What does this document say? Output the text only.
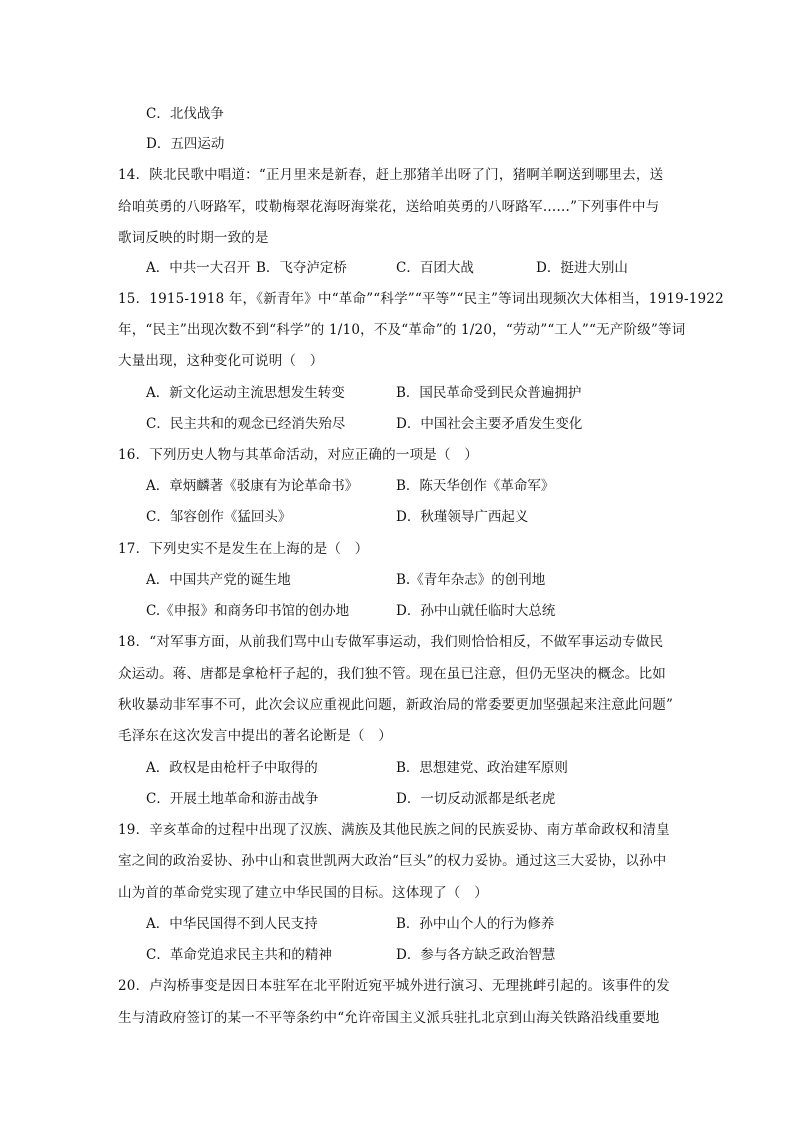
C．北伐战争
D．五四运动
14．陕北民歌中唱道：“正月里来是新春，赶上那猪羊出呀了门，猪啊羊啊送到哪里去，送
给咱英勇的八呀路军，哎勒梅翠花海呀海棠花，送给咱英勇的八呀路军……”下列事件中与
歌词反映的时期一致的是
A．中共一大召开 B．飞夺泸定桥	C．百团大战	D．挺进大别山
15．1915-1918 年，《新青年》中“革命”“科学”“平等”“民主”等词出现频次大体相当，1919-1922
年，“民主”出现次数不到“科学”的 1/10，不及“革命”的 1/20，“劳动”“工人”“无产阶级”等词
大量出现，这种变化可说明（　）
A．新文化运动主流思想发生转变	B．国民革命受到民众普遍拥护
C．民主共和的观念已经消失殆尽	D．中国社会主要矛盾发生变化
16．下列历史人物与其革命活动，对应正确的一项是（　）
A．章炳麟著《驳康有为论革命书》	B．陈天华创作《革命军》
C．邹容创作《猛回头》	D．秋瑾领导广西起义
17．下列史实不是发生在上海的是（　）
A．中国共产党的诞生地	B.《青年杂志》的创刊地
C.《申报》和商务印书馆的创办地	D．孙中山就任临时大总统
18．“对军事方面，从前我们骂中山专做军事运动，我们则恰恰相反，不做军事运动专做民
众运动。蒋、唐都是拿枪杆子起的，我们独不管。现在虽已注意，但仍无坚决的概念。比如
秋收暴动非军事不可，此次会议应重视此问题，新政治局的常委要更加坚强起来注意此问题”
毛泽东在这次发言中提出的著名论断是（　）
A．政权是由枪杆子中取得的	B．思想建党、政治建军原则
C．开展土地革命和游击战争	D．一切反动派都是纸老虎
19．辛亥革命的过程中出现了汉族、满族及其他民族之间的民族妥协、南方革命政权和清皇
室之间的政治妥协、孙中山和袁世凯两大政治“巨头”的权力妥协。通过这三大妥协，以孙中
山为首的革命党实现了建立中华民国的目标。这体现了（　）
A．中华民国得不到人民支持	B．孙中山个人的行为修养
C．革命党追求民主共和的精神	D．参与各方缺乏政治智慧
20．卢沟桥事变是因日本驻军在北平附近宛平城外进行演习、无理挑衅引起的。该事件的发
生与清政府签订的某一不平等条约中“允许帝国主义派兵驻扎北京到山海关铁路沿线重要地
